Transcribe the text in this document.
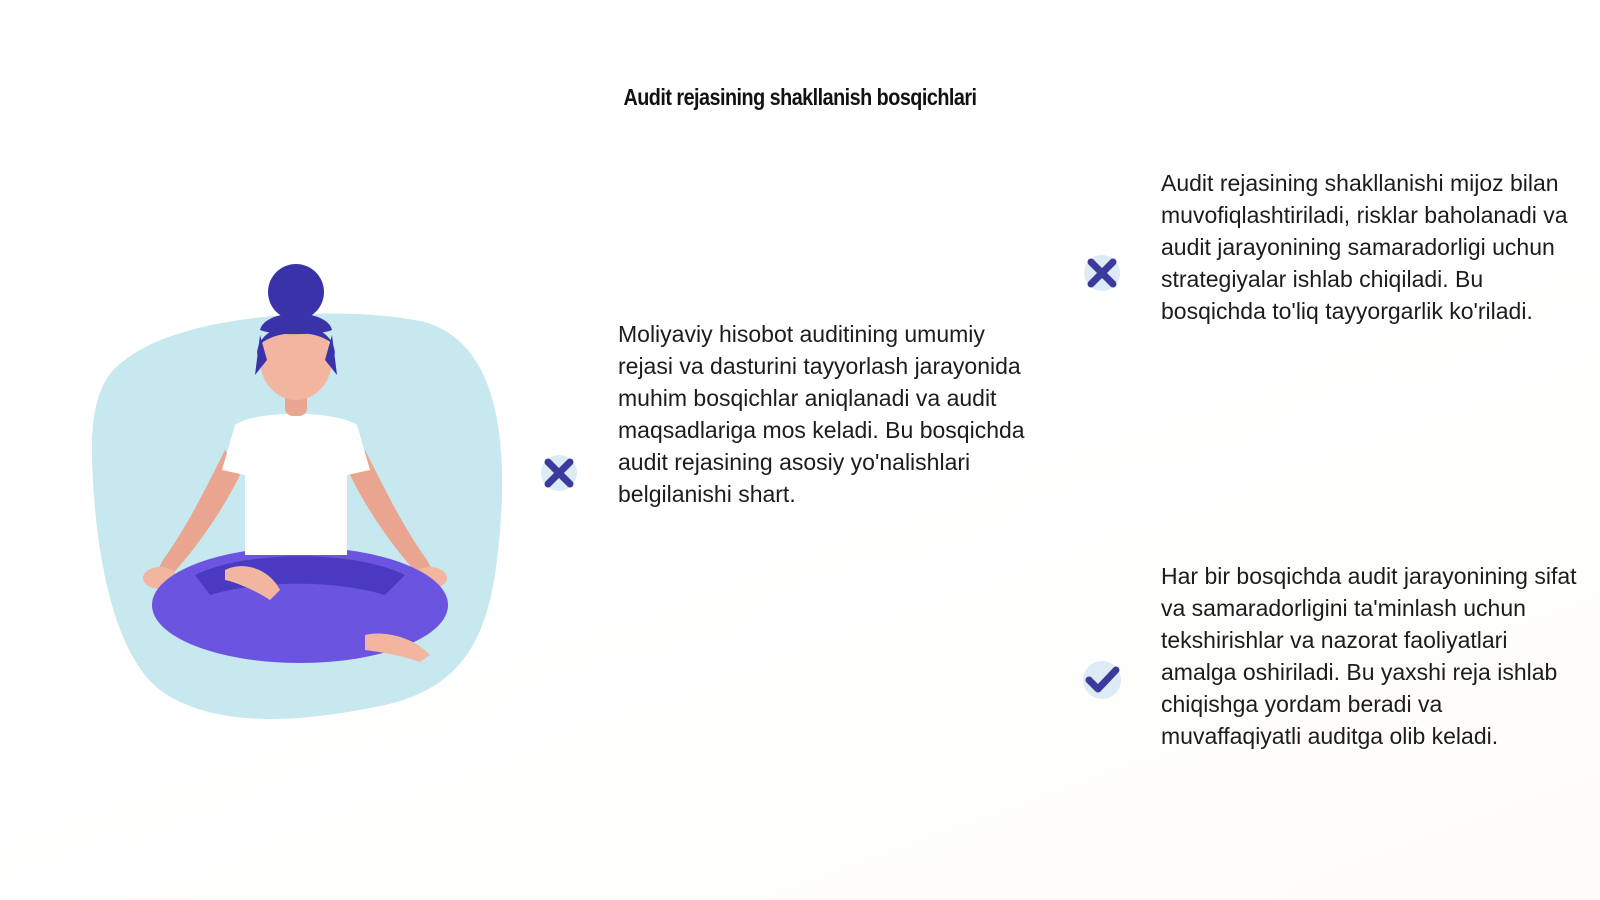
Audit rejasining shakllanish bosqichlari

Moliyaviy hisobot auditining umumiy rejasi va dasturini tayyorlash jarayonida muhim bosqichlar aniqlanadi va audit maqsadlariga mos keladi. Bu bosqichda audit rejasining asosiy yo'nalishlari belgilanishi shart.

Audit rejasining shakllanishi mijoz bilan muvofiqlashtiriladi, risklar baholanadi va audit jarayonining samaradorligi uchun strategiyalar ishlab chiqiladi. Bu bosqichda to'liq tayyorgarlik ko'riladi.

Har bir bosqichda audit jarayonining sifat va samaradorligini ta'minlash uchun tekshirishlar va nazorat faoliyatlari amalga oshiriladi. Bu yaxshi reja ishlab chiqishga yordam beradi va muvaffaqiyatli auditga olib keladi.
